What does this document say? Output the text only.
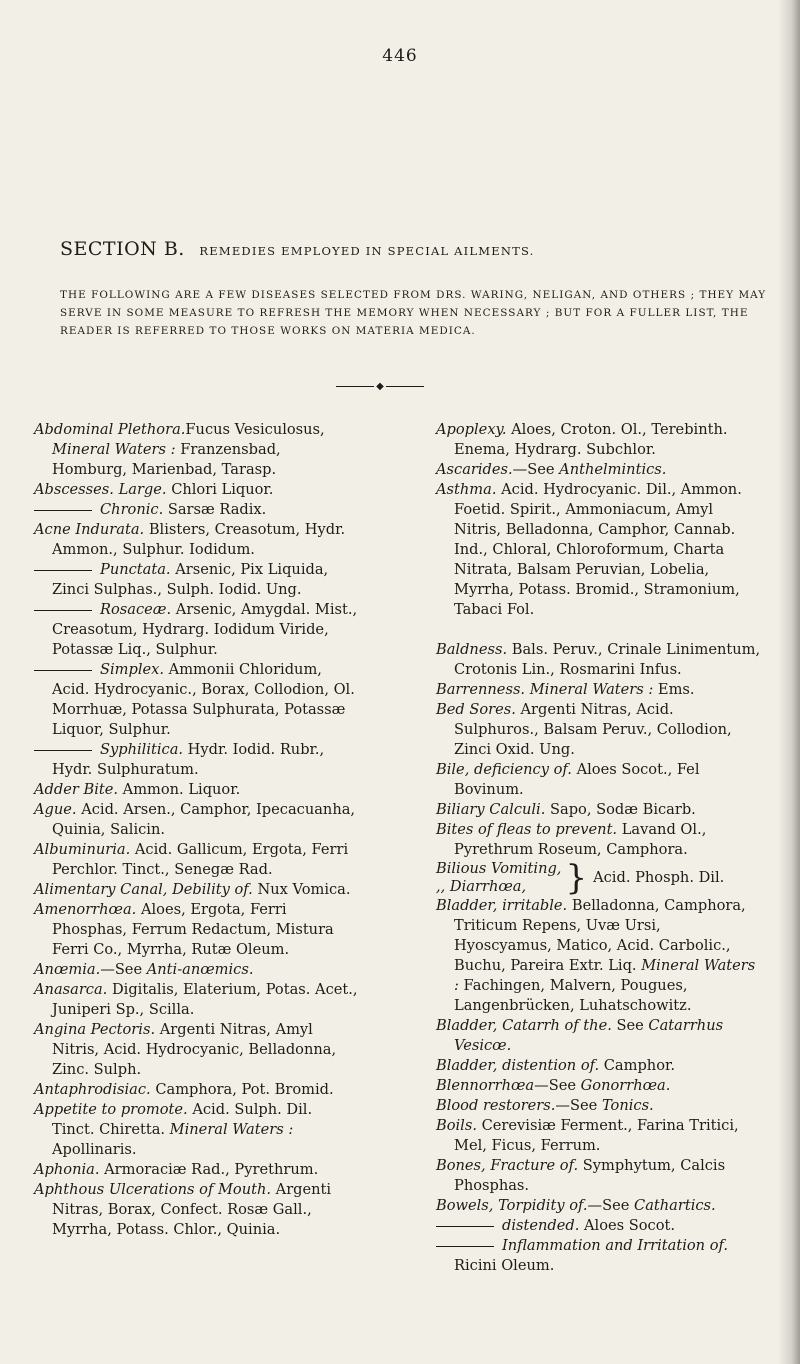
446
SECTION B. REMEDIES EMPLOYED IN SPECIAL AILMENTS.
THE FOLLOWING ARE A FEW DISEASES SELECTED FROM DRS. WARING, NELIGAN, AND OTHERS ; THEY MAY SERVE IN SOME MEASURE TO REFRESH THE MEMORY WHEN NECESSARY ; BUT FOR A FULLER LIST, THE READER IS REFERRED TO THOSE WORKS ON MATERIA MEDICA.
◆

Abdominal Plethora.Fucus Vesiculosus, Mineral Waters : Franzensbad, Homburg, Marienbad, Tarasp.

Abscesses. Large. Chlori Liquor.

Chronic. Sarsæ Radix.

Acne Indurata. Blisters, Creasotum, Hydr. Ammon., Sulphur. Iodidum.

Punctata. Arsenic, Pix Liquida, Zinci Sulphas., Sulph. Iodid. Ung.

Rosaceæ. Arsenic, Amygdal. Mist., Creasotum, Hydrarg. Iodidum Viride, Potassæ Liq., Sulphur.

Simplex. Ammonii Chloridum, Acid. Hydrocyanic., Borax, Collodion, Ol. Morrhuæ, Potassa Sulphurata, Potassæ Liquor, Sulphur.

Syphilitica. Hydr. Iodid. Rubr., Hydr. Sulphuratum.

Adder Bite. Ammon. Liquor.

Ague. Acid. Arsen., Camphor, Ipecacuanha, Quinia, Salicin.

Albuminuria. Acid. Gallicum, Ergota, Ferri Perchlor. Tinct., Senegæ Rad.

Alimentary Canal, Debility of. Nux Vomica.

Amenorrhœa. Aloes, Ergota, Ferri Phosphas, Ferrum Redactum, Mistura Ferri Co., Myrrha, Rutæ Oleum.

Anœmia.—See Anti-anœmics.

Anasarca. Digitalis, Elaterium, Potas. Acet., Juniperi Sp., Scilla.

Angina Pectoris. Argenti Nitras, Amyl Nitris, Acid. Hydrocyanic, Belladonna, Zinc. Sulph.

Antaphrodisiac. Camphora, Pot. Bromid.

Appetite to promote. Acid. Sulph. Dil. Tinct. Chiretta. Mineral Waters : Apollinaris.

Aphonia. Armoraciæ Rad., Pyrethrum.

Aphthous Ulcerations of Mouth. Argenti Nitras, Borax, Confect. Rosæ Gall., Myrrha, Potass. Chlor., Quinia.

Apoplexy. Aloes, Croton. Ol., Terebinth. Enema, Hydrarg. Subchlor.

Ascarides.—See Anthelmintics.

Asthma. Acid. Hydrocyanic. Dil., Ammon. Foetid. Spirit., Ammoniacum, Amyl Nitris, Belladonna, Camphor, Cannab. Ind., Chloral, Chloroformum, Charta Nitrata, Balsam Peruvian, Lobelia, Myrrha, Potass. Bromid., Stramonium, Tabaci Fol.

Baldness. Bals. Peruv., Crinale Linimentum, Crotonis Lin., Rosmarini Infus.

Barrenness. Mineral Waters : Ems.

Bed Sores. Argenti Nitras, Acid. Sulphuros., Balsam Peruv., Collodion, Zinci Oxid. Ung.

Bile, deficiency of. Aloes Socot., Fel Bovinum.

Biliary Calculi. Sapo, Sodæ Bicarb.

Bites of fleas to prevent. Lavand Ol., Pyrethrum Roseum, Camphora.

Bilious Vomiting,
,, Diarrhœa,	} Acid. Phosph. Dil.

Bladder, irritable. Belladonna, Camphora, Triticum Repens, Uvæ Ursi, Hyoscyamus, Matico, Acid. Carbolic., Buchu, Pareira Extr. Liq. Mineral Waters : Fachingen, Malvern, Pougues, Langenbrücken, Luhatschowitz.

Bladder, Catarrh of the. See Catarrhus Vesicœ.

Bladder, distention of. Camphor.

Blennorrhœa—See Gonorrhœa.

Blood restorers.—See Tonics.

Boils. Cerevisiæ Ferment., Farina Tritici, Mel, Ficus, Ferrum.

Bones, Fracture of. Symphytum, Calcis Phosphas.

Bowels, Torpidity of.—See Cathartics.

distended. Aloes Socot.

Inflammation and Irritation of. Ricini Oleum.
